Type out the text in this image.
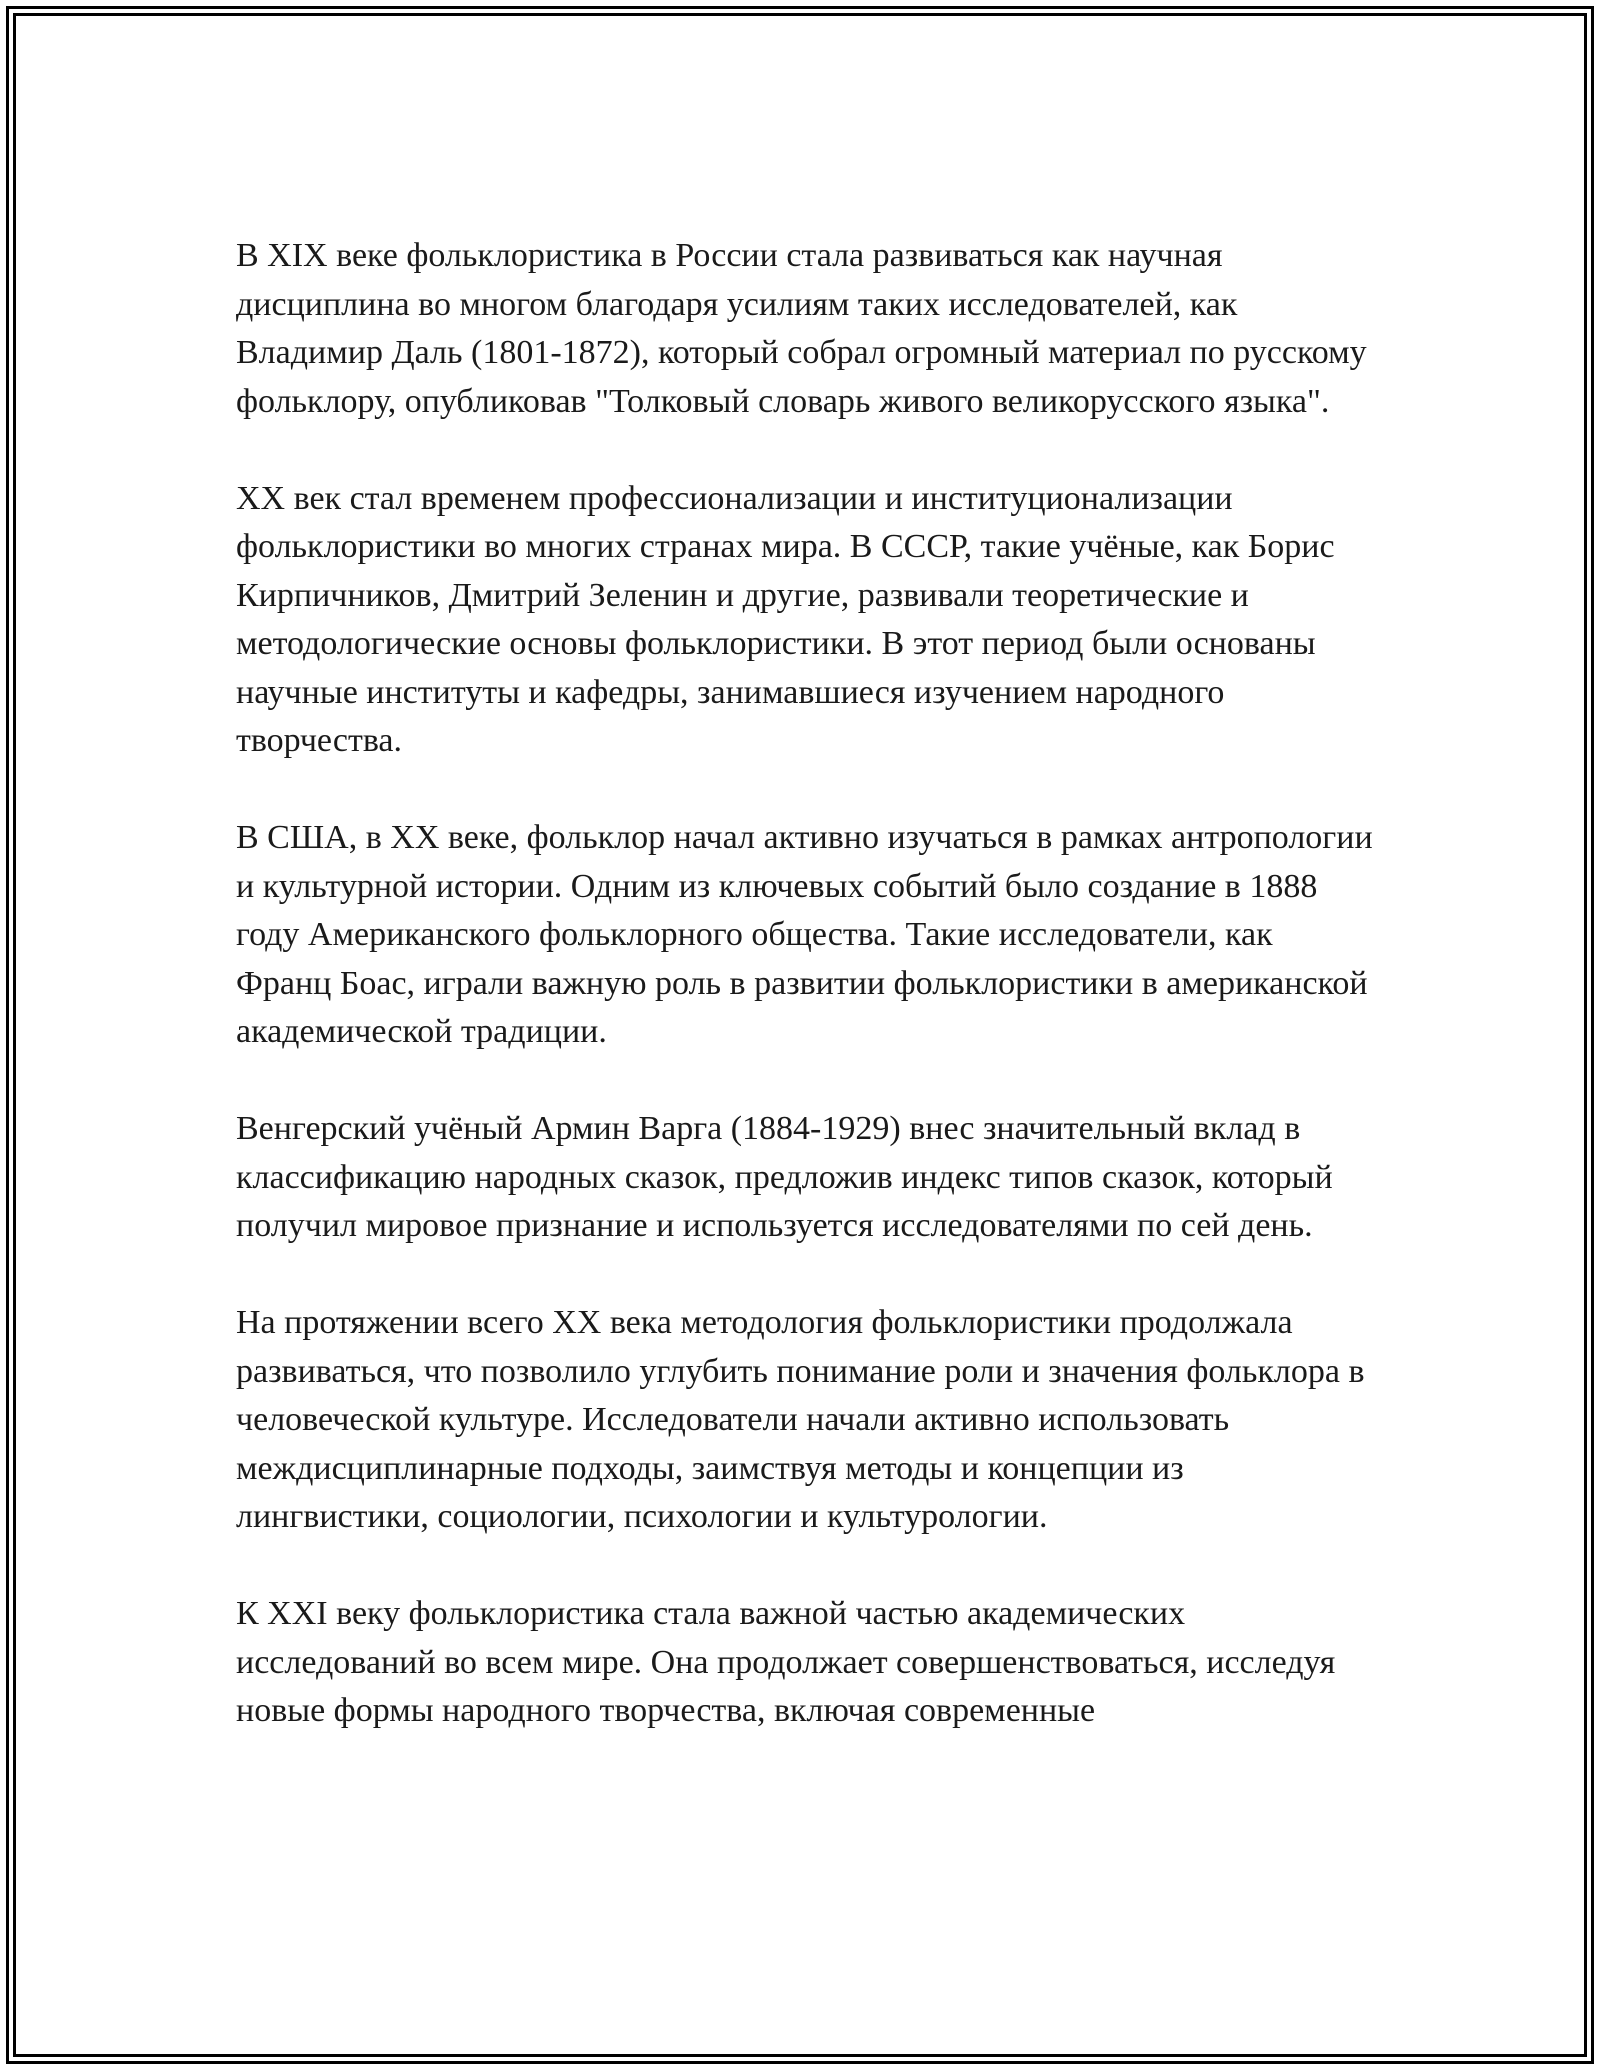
В XIX веке фольклористика в России стала развиваться как научная дисциплина во многом благодаря усилиям таких исследователей, как Владимир Даль (1801-1872), который собрал огромный материал по русскому фольклору, опубликовав "Толковый словарь живого великорусского языка".

XX век стал временем профессионализации и институционализации фольклористики во многих странах мира. В СССР, такие учёные, как Борис Кирпичников, Дмитрий Зеленин и другие, развивали теоретические и методологические основы фольклористики. В этот период были основаны научные институты и кафедры, занимавшиеся изучением народного творчества.

В США, в XX веке, фольклор начал активно изучаться в рамках антропологии и культурной истории. Одним из ключевых событий было создание в 1888 году Американского фольклорного общества. Такие исследователи, как Франц Боас, играли важную роль в развитии фольклористики в американской академической традиции.

Венгерский учёный Армин Варга (1884-1929) внес значительный вклад в классификацию народных сказок, предложив индекс типов сказок, который получил мировое признание и используется исследователями по сей день.

На протяжении всего XX века методология фольклористики продолжала развиваться, что позволило углубить понимание роли и значения фольклора в человеческой культуре. Исследователи начали активно использовать междисциплинарные подходы, заимствуя методы и концепции из лингвистики, социологии, психологии и культурологии.

К XXI веку фольклористика стала важной частью академических исследований во всем мире. Она продолжает совершенствоваться, исследуя новые формы народного творчества, включая современные
